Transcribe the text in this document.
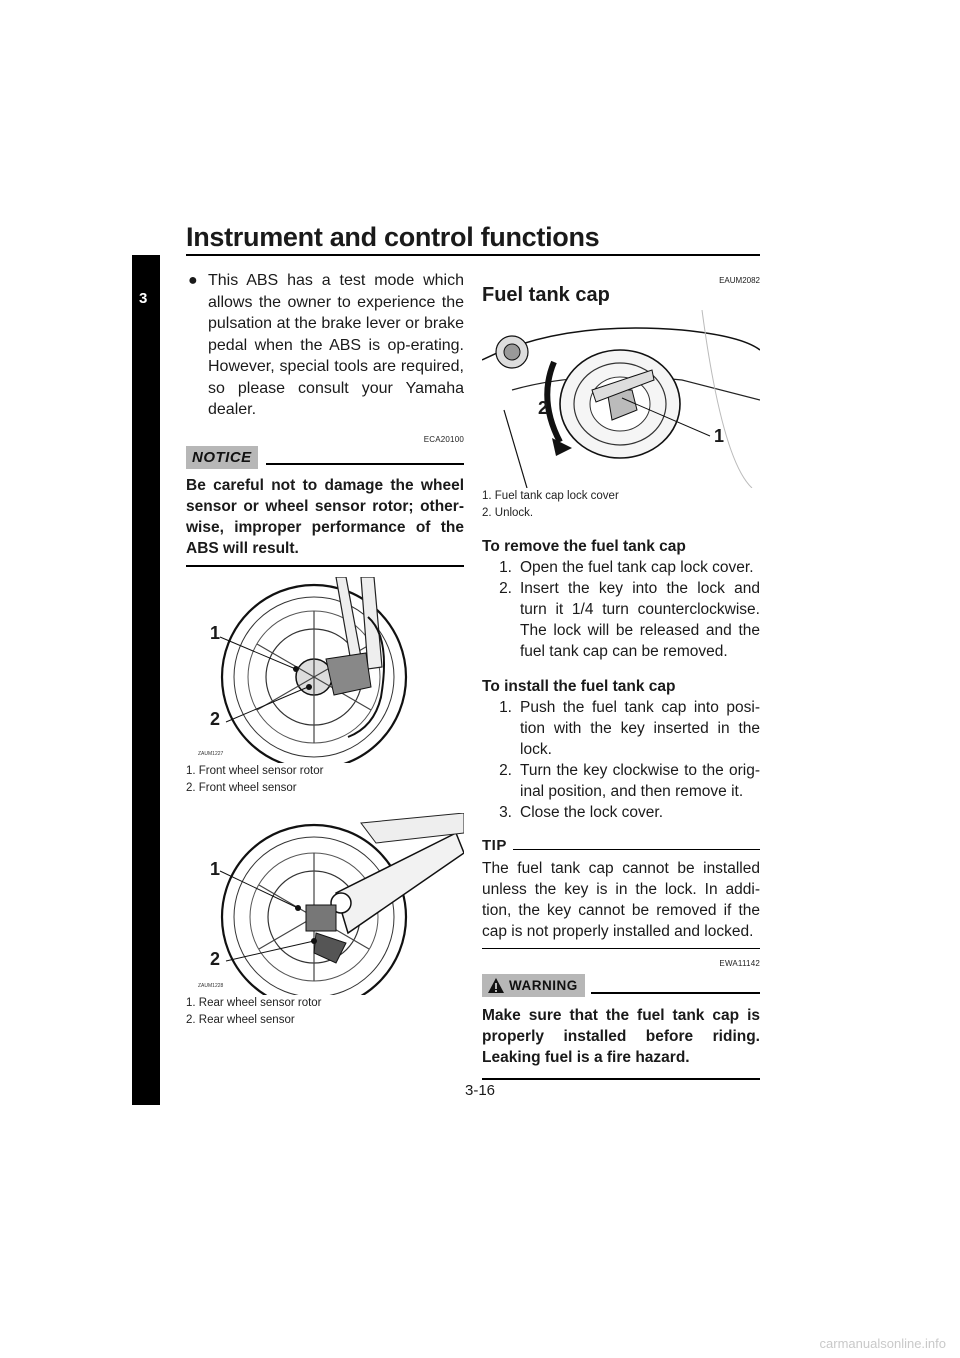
Instrument and control functions
3
● This ABS has a test mode which allows the owner to experience the pulsation at the brake lever or brake pedal when the ABS is op-erating. However, special tools are required, so please consult your Yamaha dealer.
ECA20100
NOTICE
Be careful not to damage the wheel sensor or wheel sensor rotor; other-wise, improper performance of the ABS will result.
1
2
ZAUM1227
1. Front wheel sensor rotor
2. Front wheel sensor
1
2
ZAUM1228
1. Rear wheel sensor rotor
2. Rear wheel sensor
EAUM2082
Fuel tank cap
2
1
1. Fuel tank cap lock cover
2. Unlock.
To remove the fuel tank cap
1. Open the fuel tank cap lock cover.
2. Insert the key into the lock and turn it 1/4 turn counterclockwise. The lock will be released and the fuel tank cap can be removed.
To install the fuel tank cap
1. Push the fuel tank cap into posi-tion with the key inserted in the lock.
2. Turn the key clockwise to the orig-inal position, and then remove it.
3. Close the lock cover.
TIP
The fuel tank cap cannot be installed unless the key is in the lock. In addi-tion, the key cannot be removed if the cap is not properly installed and locked.
EWA11142
WARNING
Make sure that the fuel tank cap is properly installed before riding. Leaking fuel is a fire hazard.
3-16
carmanualsonline.info
